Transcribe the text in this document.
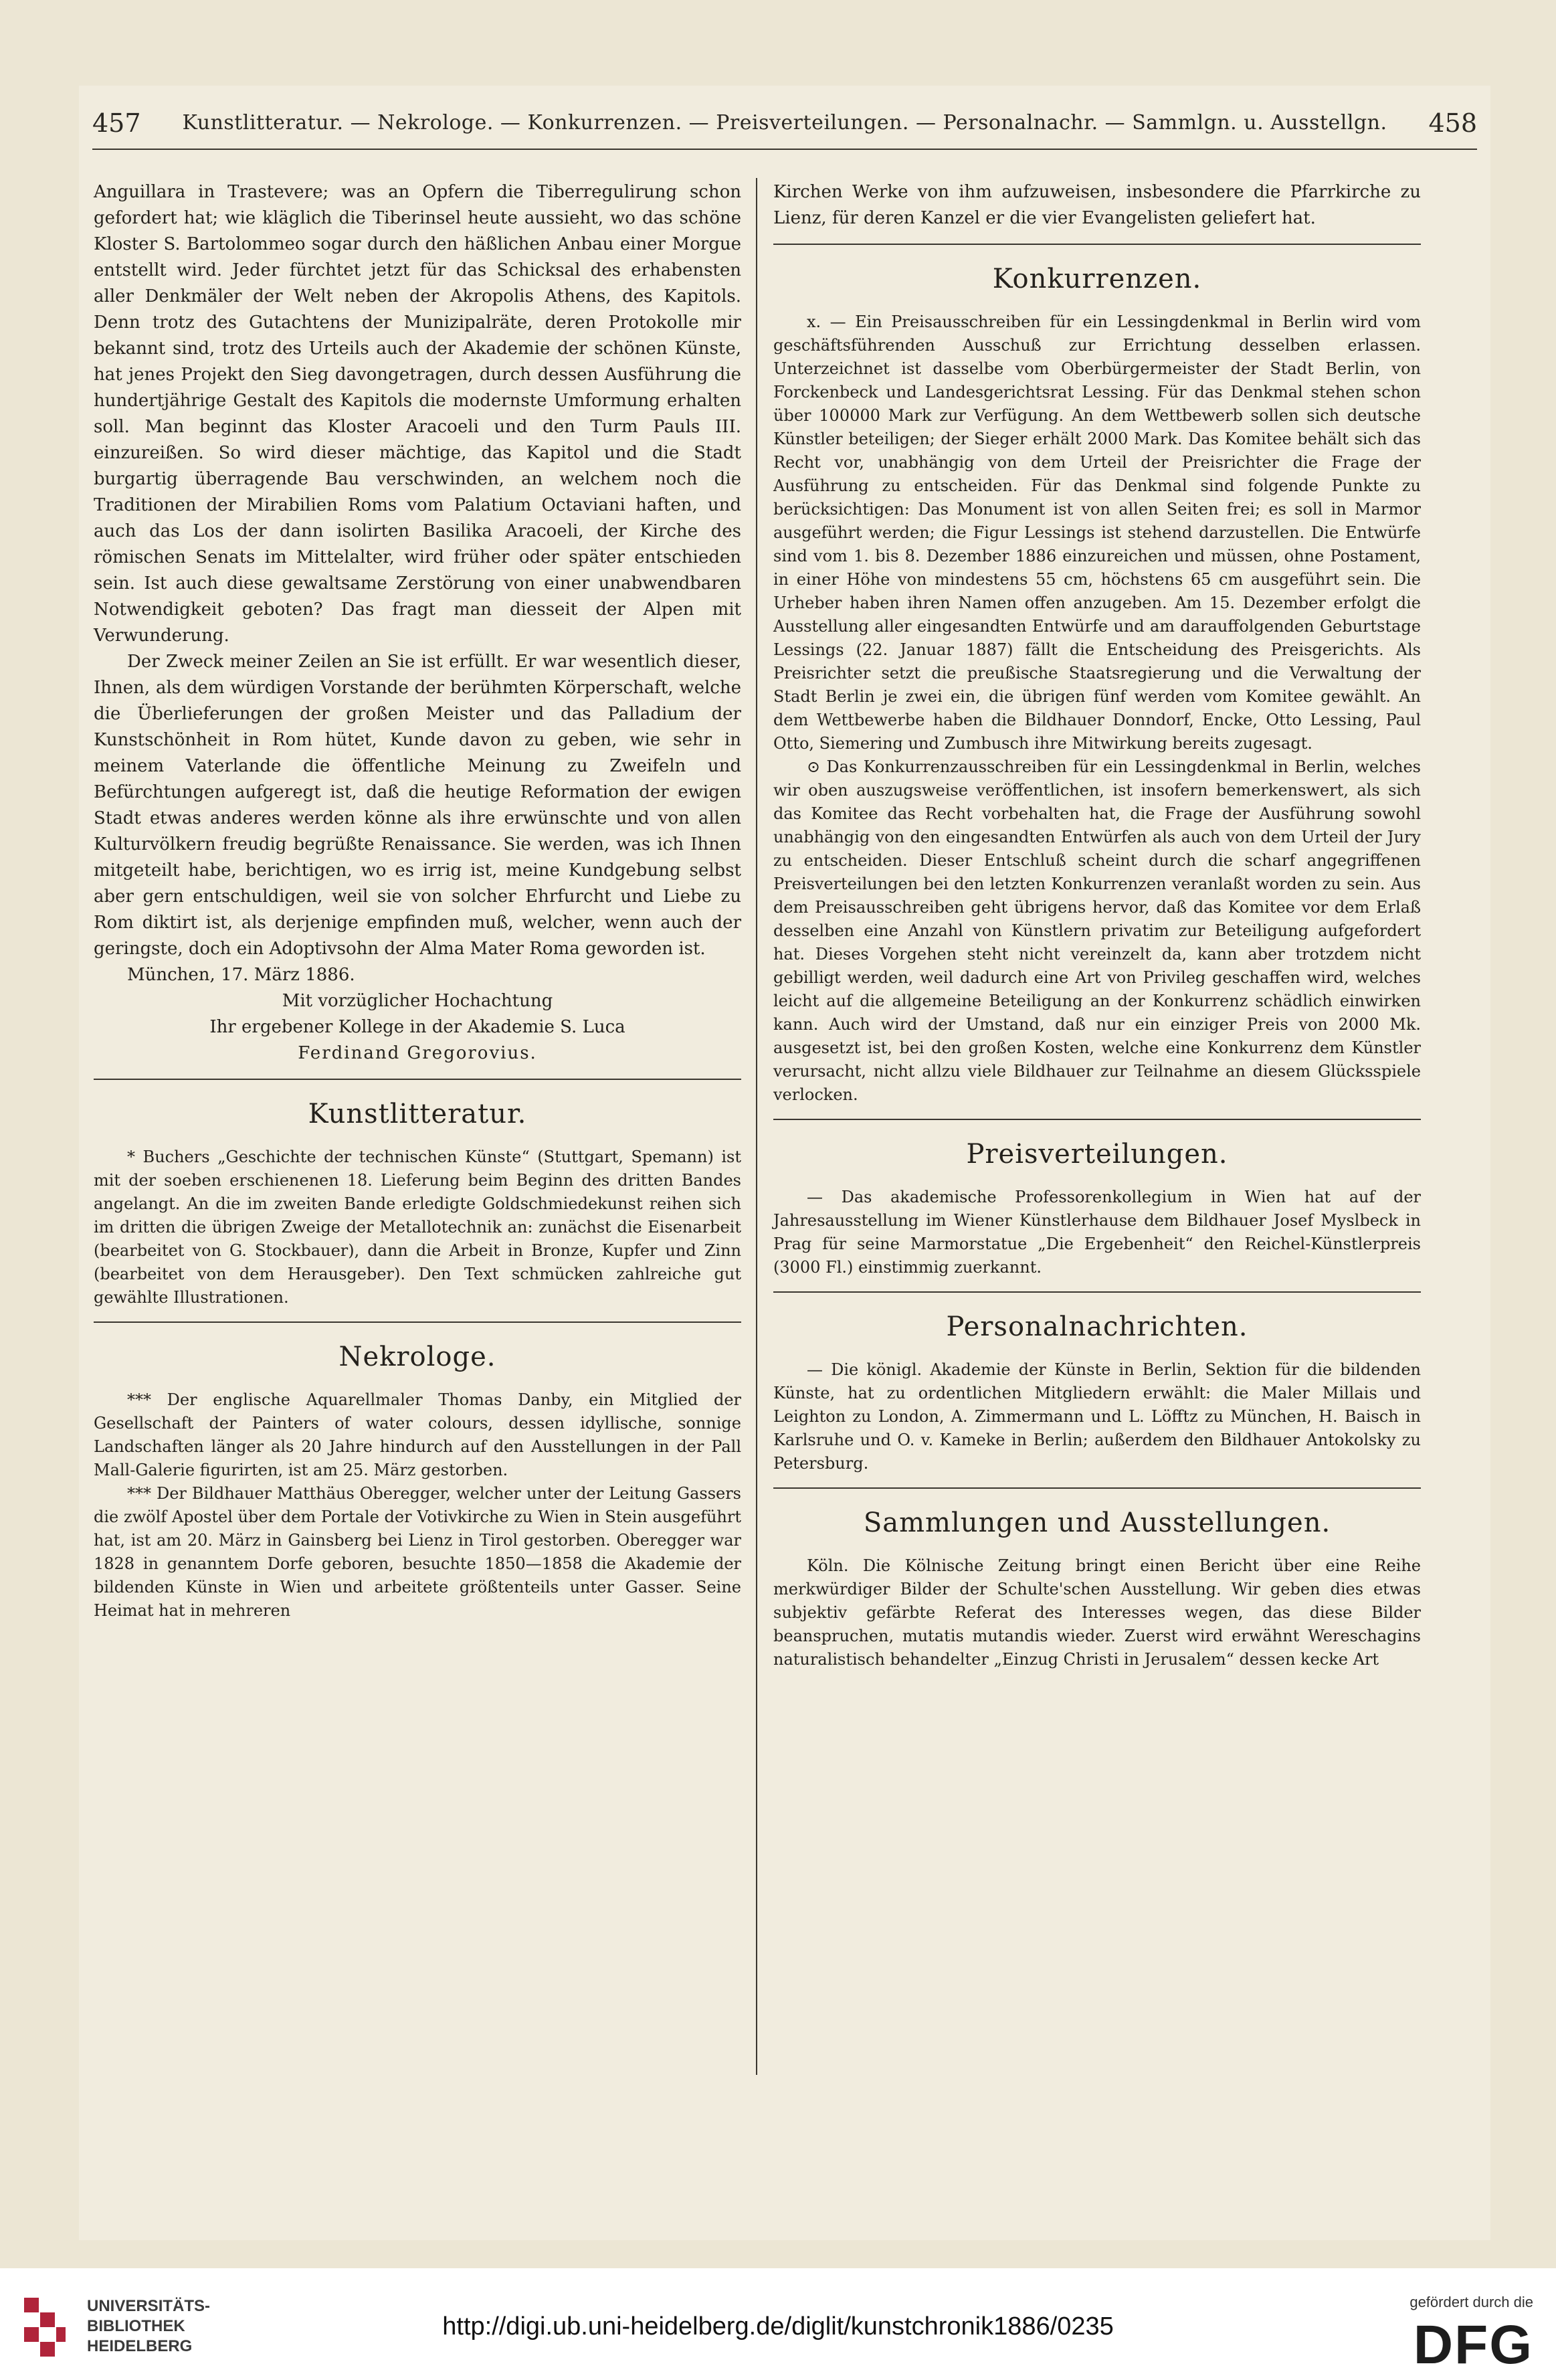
457	Kunstlitteratur. — Nekrologe. — Konkurrenzen. — Preisverteilungen. — Personalnachr. — Sammlgn. u. Ausstellgn.	458

Anguillara in Trastevere; was an Opfern die Tiberregulirung schon gefordert hat; wie kläglich die Tiberinsel heute aussieht, wo das schöne Kloster S. Bartolommeo sogar durch den häßlichen Anbau einer Morgue entstellt wird. Jeder fürchtet jetzt für das Schicksal des erhabensten aller Denkmäler der Welt neben der Akropolis Athens, des Kapitols. Denn trotz des Gutachtens der Munizipalräte, deren Protokolle mir bekannt sind, trotz des Urteils auch der Akademie der schönen Künste, hat jenes Projekt den Sieg davongetragen, durch dessen Ausführung die hundertjährige Gestalt des Kapitols die modernste Umformung erhalten soll. Man beginnt das Kloster Aracoeli und den Turm Pauls III. einzureißen. So wird dieser mächtige, das Kapitol und die Stadt burgartig überragende Bau verschwinden, an welchem noch die Traditionen der Mirabilien Roms vom Palatium Octaviani haften, und auch das Los der dann isolirten Basilika Aracoeli, der Kirche des römischen Senats im Mittelalter, wird früher oder später entschieden sein. Ist auch diese gewaltsame Zerstörung von einer unabwendbaren Notwendigkeit geboten? Das fragt man diesseit der Alpen mit Verwunderung.

Der Zweck meiner Zeilen an Sie ist erfüllt. Er war wesentlich dieser, Ihnen, als dem würdigen Vorstande der berühmten Körperschaft, welche die Überlieferungen der großen Meister und das Palladium der Kunstschönheit in Rom hütet, Kunde davon zu geben, wie sehr in meinem Vaterlande die öffentliche Meinung zu Zweifeln und Befürchtungen aufgeregt ist, daß die heutige Reformation der ewigen Stadt etwas anderes werden könne als ihre erwünschte und von allen Kulturvölkern freudig begrüßte Renaissance. Sie werden, was ich Ihnen mitgeteilt habe, berichtigen, wo es irrig ist, meine Kundgebung selbst aber gern entschuldigen, weil sie von solcher Ehrfurcht und Liebe zu Rom diktirt ist, als derjenige empfinden muß, welcher, wenn auch der geringste, doch ein Adoptivsohn der Alma Mater Roma geworden ist.

München, 17. März 1886.

Mit vorzüglicher Hochachtung

Ihr ergebener Kollege in der Akademie S. Luca

Ferdinand Gregorovius.

Kunstlitteratur.

* Buchers „Geschichte der technischen Künste“ (Stuttgart, Spemann) ist mit der soeben erschienenen 18. Lieferung beim Beginn des dritten Bandes angelangt. An die im zweiten Bande erledigte Goldschmiedekunst reihen sich im dritten die übrigen Zweige der Metallotechnik an: zunächst die Eisenarbeit (bearbeitet von G. Stockbauer), dann die Arbeit in Bronze, Kupfer und Zinn (bearbeitet von dem Herausgeber). Den Text schmücken zahlreiche gut gewählte Illustrationen.

Nekrologe.

*** Der englische Aquarellmaler Thomas Danby, ein Mitglied der Gesellschaft der Painters of water colours, dessen idyllische, sonnige Landschaften länger als 20 Jahre hindurch auf den Ausstellungen in der Pall Mall-Galerie figurirten, ist am 25. März gestorben.

*** Der Bildhauer Matthäus Oberegger, welcher unter der Leitung Gassers die zwölf Apostel über dem Portale der Votivkirche zu Wien in Stein ausgeführt hat, ist am 20. März in Gainsberg bei Lienz in Tirol gestorben. Oberegger war 1828 in genanntem Dorfe geboren, besuchte 1850—1858 die Akademie der bildenden Künste in Wien und arbeitete größtenteils unter Gasser. Seine Heimat hat in mehreren

Kirchen Werke von ihm aufzuweisen, insbesondere die Pfarrkirche zu Lienz, für deren Kanzel er die vier Evangelisten geliefert hat.

Konkurrenzen.

x. — Ein Preisausschreiben für ein Lessingdenkmal in Berlin wird vom geschäftsführenden Ausschuß zur Errichtung desselben erlassen. Unterzeichnet ist dasselbe vom Oberbürgermeister der Stadt Berlin, von Forckenbeck und Landesgerichtsrat Lessing. Für das Denkmal stehen schon über 100000 Mark zur Verfügung. An dem Wettbewerb sollen sich deutsche Künstler beteiligen; der Sieger erhält 2000 Mark. Das Komitee behält sich das Recht vor, unabhängig von dem Urteil der Preisrichter die Frage der Ausführung zu entscheiden. Für das Denkmal sind folgende Punkte zu berücksichtigen: Das Monument ist von allen Seiten frei; es soll in Marmor ausgeführt werden; die Figur Lessings ist stehend darzustellen. Die Entwürfe sind vom 1. bis 8. Dezember 1886 einzureichen und müssen, ohne Postament, in einer Höhe von mindestens 55 cm, höchstens 65 cm ausgeführt sein. Die Urheber haben ihren Namen offen anzugeben. Am 15. Dezember erfolgt die Ausstellung aller eingesandten Entwürfe und am darauffolgenden Geburtstage Lessings (22. Januar 1887) fällt die Entscheidung des Preisgerichts. Als Preisrichter setzt die preußische Staatsregierung und die Verwaltung der Stadt Berlin je zwei ein, die übrigen fünf werden vom Komitee gewählt. An dem Wettbewerbe haben die Bildhauer Donndorf, Encke, Otto Lessing, Paul Otto, Siemering und Zumbusch ihre Mitwirkung bereits zugesagt.

⊙ Das Konkurrenzausschreiben für ein Lessingdenkmal in Berlin, welches wir oben auszugsweise veröffentlichen, ist insofern bemerkenswert, als sich das Komitee das Recht vorbehalten hat, die Frage der Ausführung sowohl unabhängig von den eingesandten Entwürfen als auch von dem Urteil der Jury zu entscheiden. Dieser Entschluß scheint durch die scharf angegriffenen Preisverteilungen bei den letzten Konkurrenzen veranlaßt worden zu sein. Aus dem Preisausschreiben geht übrigens hervor, daß das Komitee vor dem Erlaß desselben eine Anzahl von Künstlern privatim zur Beteiligung aufgefordert hat. Dieses Vorgehen steht nicht vereinzelt da, kann aber trotzdem nicht gebilligt werden, weil dadurch eine Art von Privileg geschaffen wird, welches leicht auf die allgemeine Beteiligung an der Konkurrenz schädlich einwirken kann. Auch wird der Umstand, daß nur ein einziger Preis von 2000 Mk. ausgesetzt ist, bei den großen Kosten, welche eine Konkurrenz dem Künstler verursacht, nicht allzu viele Bildhauer zur Teilnahme an diesem Glücksspiele verlocken.

Preisverteilungen.

— Das akademische Professorenkollegium in Wien hat auf der Jahresausstellung im Wiener Künstlerhause dem Bildhauer Josef Myslbeck in Prag für seine Marmorstatue „Die Ergebenheit“ den Reichel-Künstlerpreis (3000 Fl.) einstimmig zuerkannt.

Personalnachrichten.

— Die königl. Akademie der Künste in Berlin, Sektion für die bildenden Künste, hat zu ordentlichen Mitgliedern erwählt: die Maler Millais und Leighton zu London, A. Zimmermann und L. Löfftz zu München, H. Baisch in Karlsruhe und O. v. Kameke in Berlin; außerdem den Bildhauer Antokolsky zu Petersburg.

Sammlungen und Ausstellungen.

Köln. Die Kölnische Zeitung bringt einen Bericht über eine Reihe merkwürdiger Bilder der Schulte'schen Ausstellung. Wir geben dies etwas subjektiv gefärbte Referat des Interesses wegen, das diese Bilder beanspruchen, mutatis mutandis wieder. Zuerst wird erwähnt Wereschagins naturalistisch behandelter „Einzug Christi in Jerusalem“ dessen kecke Art

UNIVERSITÄTS-
BIBLIOTHEK
HEIDELBERG
http://digi.ub.uni-heidelberg.de/diglit/kunstchronik1886/0235
gefördert durch die
DFG
